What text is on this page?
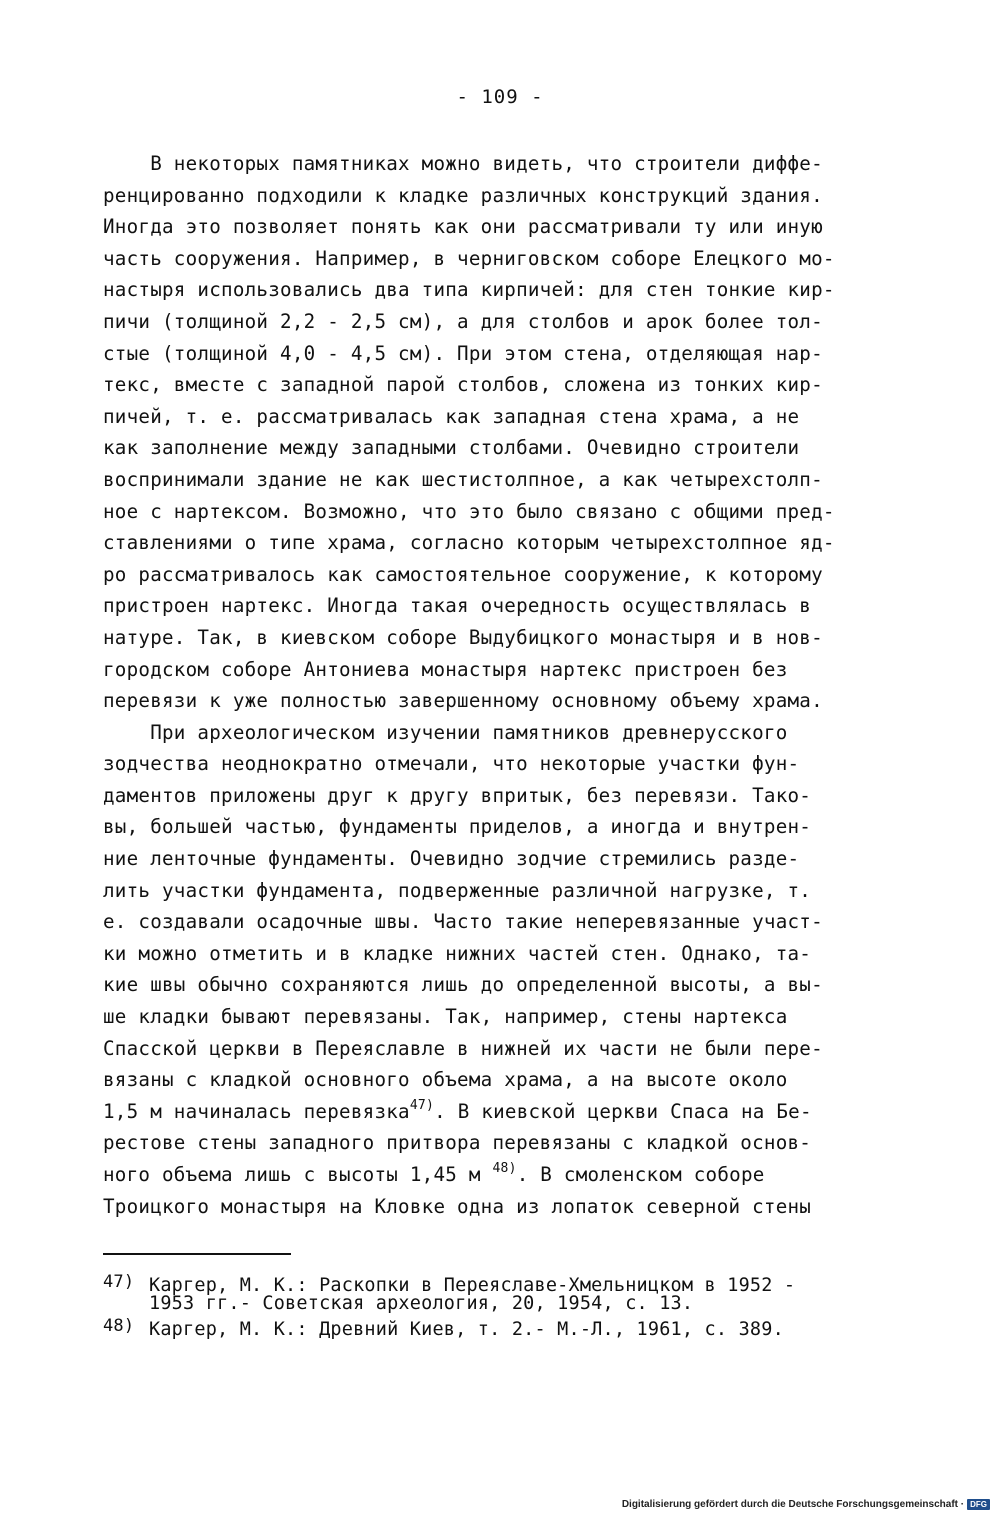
- 109 -
В некоторых памятниках можно видеть, что строители диффе-
ренцированно подходили к кладке различных конструкций здания.
Иногда это позволяет понять как они рассматривали ту или иную
часть сооружения. Например, в черниговском соборе Елецкого мо-
настыря использовались два типа кирпичей: для стен тонкие кир-
пичи (толщиной 2,2 - 2,5 см), а для столбов и арок более тол-
стые (толщиной 4,0 - 4,5 см). При этом стена, отделяющая нар-
текс, вместе с западной парой столбов, сложена из тонких кир-
пичей, т. е. рассматривалась как западная стена храма, а не
как заполнение между западными столбами. Очевидно строители
воспринимали здание не как шестистолпное, а как четырехстолп-
ное с нартексом. Возможно, что это было связано с общими пред-
ставлениями о типе храма, согласно которым четырехстолпное яд-
ро рассматривалось как самостоятельное сооружение, к которому
пристроен нартекс. Иногда такая очередность осуществлялась в
натуре. Так, в киевском соборе Выдубицкого монастыря и в нов-
городском соборе Антониева монастыря нартекс пристроен без
перевязи к уже полностью завершенному основному объему храма.
При археологическом изучении памятников древнерусского
зодчества неоднократно отмечали, что некоторые участки фун-
даментов приложены друг к другу впритык, без перевязи. Тако-
вы, большей частью, фундаменты приделов, а иногда и внутрен-
ние ленточные фундаменты. Очевидно зодчие стремились разде-
лить участки фундамента, подверженные различной нагрузке, т.
е. создавали осадочные швы. Часто такие неперевязанные участ-
ки можно отметить и в кладке нижних частей стен. Однако, та-
кие швы обычно сохраняются лишь до определенной высоты, а вы-
ше кладки бывают перевязаны. Так, например, стены нартекса
Спасской церкви в Переяславле в нижней их части не были пере-
вязаны с кладкой основного объема храма, а на высоте около
1,5 м начиналась перевязка$^{47)}$. В киевской церкви Спаса на Бе-
рестове стены западного притвора перевязаны с кладкой основ-
ного объема лишь с высоты 1,45 м $^{48)}$. В смоленском соборе
Троицкого монастыря на Кловке одна из лопаток северной стены
47) Каргер, М. К.: Раскопки в Переяславе-Хмельницком в 1952 -
1953 гг.- Советская археология, 20, 1954, с. 13.
48) Каргер, М. К.: Древний Киев, т. 2.- М.-Л., 1961, с. 389.
Digitalisierung gefördert durch die Deutsche Forschungsgemeinschaft · DFG
